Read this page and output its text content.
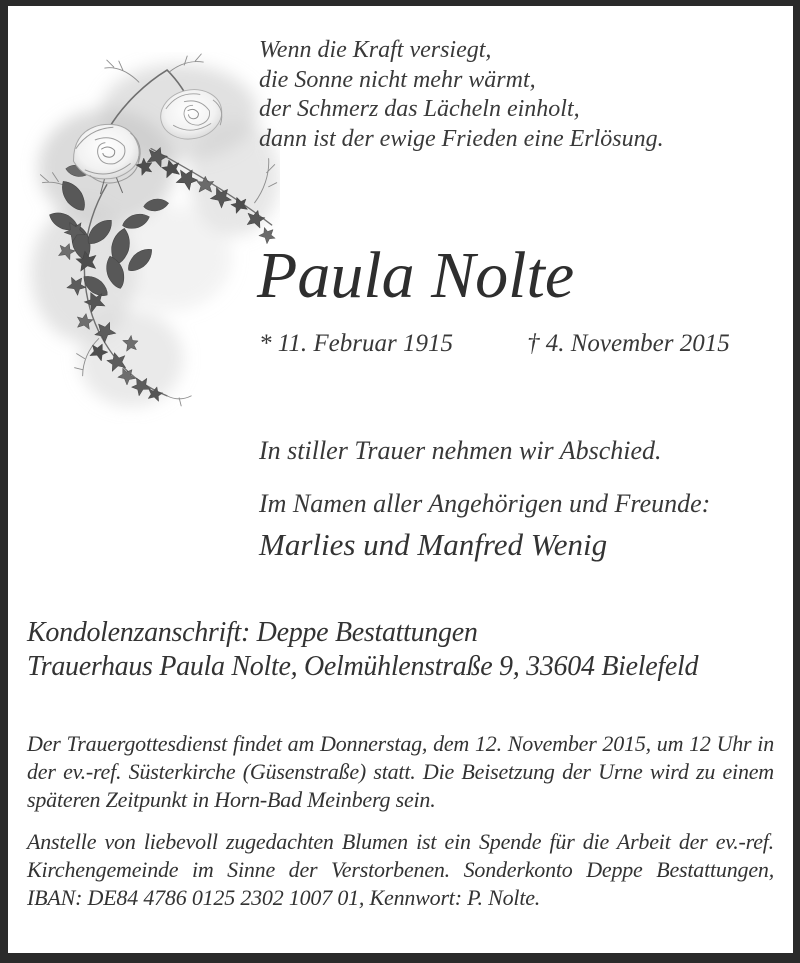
Wenn die Kraft versiegt,
die Sonne nicht mehr wärmt,
der Schmerz das Lächeln einholt,
dann ist der ewige Frieden eine Erlösung.
Paula Nolte
* 11. Februar 1915	† 4. November 2015
In stiller Trauer nehmen wir Abschied.
Im Namen aller Angehörigen und Freunde:
Marlies und Manfred Wenig
Kondolenzanschrift: Deppe Bestattungen
Trauerhaus Paula Nolte, Oelmühlenstraße 9, 33604 Bielefeld
Der Trauergottesdienst findet am Donnerstag, dem 12. November 2015, um 12 Uhr in der ev.-ref. Süsterkirche (Güsenstraße) statt. Die Beisetzung der Urne wird zu einem späteren Zeitpunkt in Horn-Bad Meinberg sein.
Anstelle von liebevoll zugedachten Blumen ist ein Spende für die Arbeit der ev.-ref. Kirchengemeinde im Sinne der Verstorbenen. Sonderkonto Deppe Bestattungen, IBAN: DE84 4786 0125 2302 1007 01, Kennwort: P. Nolte.
